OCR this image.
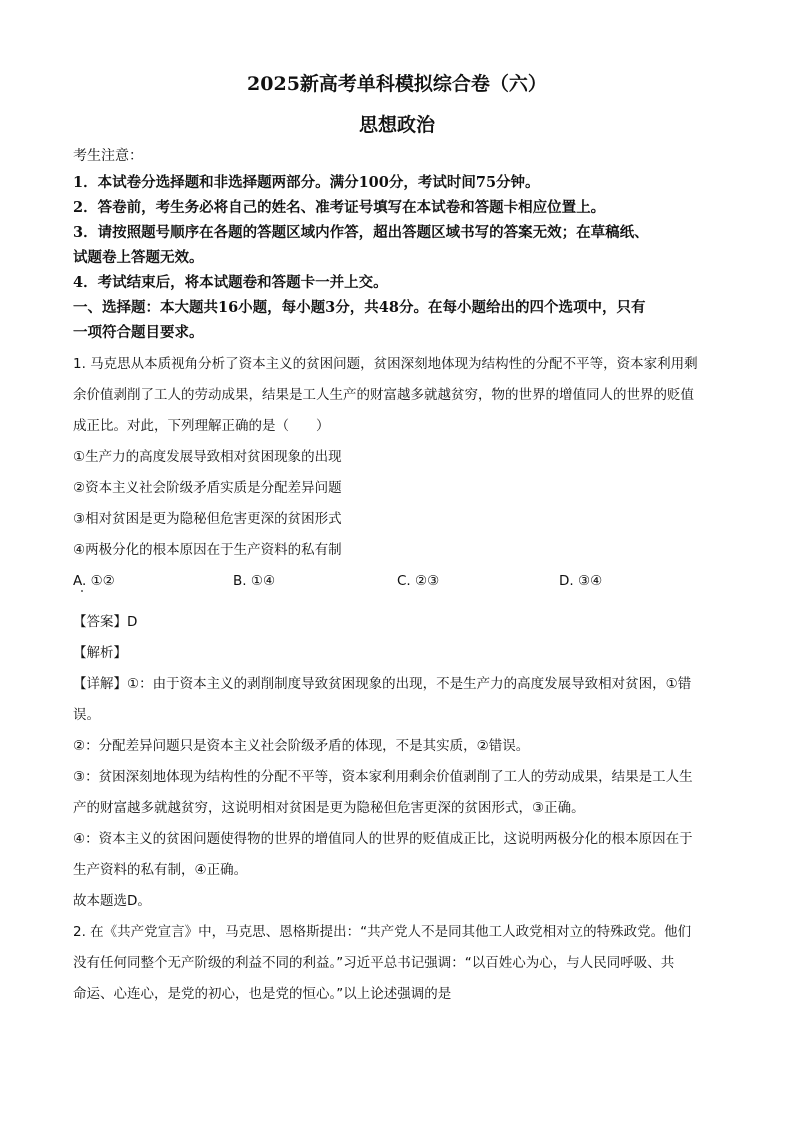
2025新高考单科模拟综合卷（六）
思想政治

考生注意：

1．本试卷分选择题和非选择题两部分。满分100分，考试时间75分钟。

2．答卷前，考生务必将自己的姓名、准考证号填写在本试卷和答题卡相应位置上。

3．请按照题号顺序在各题的答题区域内作答，超出答题区域书写的答案无效；在草稿纸、

试题卷上答题无效。

4．考试结束后，将本试题卷和答题卡一并上交。

一、选择题：本大题共16小题，每小题3分，共48分。在每小题给出的四个选项中，只有

一项符合题目要求。

1. 马克思从本质视角分析了资本主义的贫困问题，贫困深刻地体现为结构性的分配不平等，资本家利用剩

余价值剥削了工人的劳动成果，结果是工人生产的财富越多就越贫穷，物的世界的增值同人的世界的贬值

成正比。对此，下列理解正确的是（　　）

①生产力的高度发展导致相对贫困现象的出现

②资本主义社会阶级矛盾实质是分配差异问题

③相对贫困是更为隐秘但危害更深的贫困形式

④两极分化的根本原因在于生产资料的私有制

A. ①②	B. ①④	C. ②③	D. ③④

【答案】D

【解析】

【详解】①：由于资本主义的剥削制度导致贫困现象的出现，不是生产力的高度发展导致相对贫困，①错

误。

②：分配差异问题只是资本主义社会阶级矛盾的体现，不是其实质，②错误。

③：贫困深刻地体现为结构性的分配不平等，资本家利用剩余价值剥削了工人的劳动成果，结果是工人生

产的财富越多就越贫穷，这说明相对贫困是更为隐秘但危害更深的贫困形式，③正确。

④：资本主义的贫困问题使得物的世界的增值同人的世界的贬值成正比，这说明两极分化的根本原因在于

生产资料的私有制，④正确。

故本题选D。

2. 在《共产党宣言》中，马克思、恩格斯提出：“共产党人不是同其他工人政党相对立的特殊政党。他们

没有任何同整个无产阶级的利益不同的利益。”习近平总书记强调：“以百姓心为心，与人民同呼吸、共

命运、心连心，是党的初心，也是党的恒心。”以上论述强调的是
